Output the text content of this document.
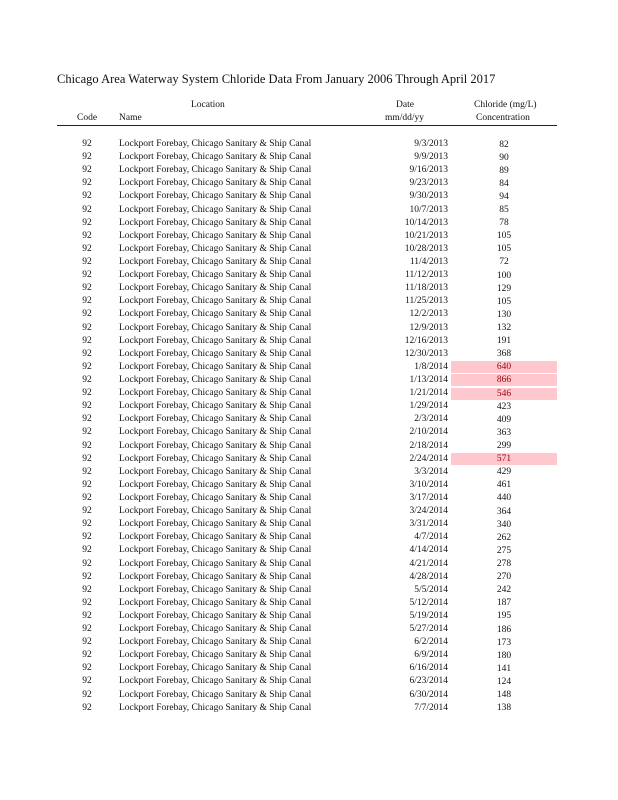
Chicago Area Waterway System Chloride Data From January 2006 Through April 2017
Location	Date	Chloride (mg/L)
Code Name	mm/dd/yy	Concentration
92	Lockport Forebay, Chicago Sanitary & Ship Canal	9/3/2013	82
92	Lockport Forebay, Chicago Sanitary & Ship Canal	9/9/2013	90
92	Lockport Forebay, Chicago Sanitary & Ship Canal	9/16/2013	89
92	Lockport Forebay, Chicago Sanitary & Ship Canal	9/23/2013	84
92	Lockport Forebay, Chicago Sanitary & Ship Canal	9/30/2013	94
92	Lockport Forebay, Chicago Sanitary & Ship Canal	10/7/2013	85
92	Lockport Forebay, Chicago Sanitary & Ship Canal	10/14/2013	78
92	Lockport Forebay, Chicago Sanitary & Ship Canal	10/21/2013	105
92	Lockport Forebay, Chicago Sanitary & Ship Canal	10/28/2013	105
92	Lockport Forebay, Chicago Sanitary & Ship Canal	11/4/2013	72
92	Lockport Forebay, Chicago Sanitary & Ship Canal	11/12/2013	100
92	Lockport Forebay, Chicago Sanitary & Ship Canal	11/18/2013	129
92	Lockport Forebay, Chicago Sanitary & Ship Canal	11/25/2013	105
92	Lockport Forebay, Chicago Sanitary & Ship Canal	12/2/2013	130
92	Lockport Forebay, Chicago Sanitary & Ship Canal	12/9/2013	132
92	Lockport Forebay, Chicago Sanitary & Ship Canal	12/16/2013	191
92	Lockport Forebay, Chicago Sanitary & Ship Canal	12/30/2013	368
92	Lockport Forebay, Chicago Sanitary & Ship Canal	1/8/2014	640
92	Lockport Forebay, Chicago Sanitary & Ship Canal	1/13/2014	866
92	Lockport Forebay, Chicago Sanitary & Ship Canal	1/21/2014	546
92	Lockport Forebay, Chicago Sanitary & Ship Canal	1/29/2014	423
92	Lockport Forebay, Chicago Sanitary & Ship Canal	2/3/2014	409
92	Lockport Forebay, Chicago Sanitary & Ship Canal	2/10/2014	363
92	Lockport Forebay, Chicago Sanitary & Ship Canal	2/18/2014	299
92	Lockport Forebay, Chicago Sanitary & Ship Canal	2/24/2014	571
92	Lockport Forebay, Chicago Sanitary & Ship Canal	3/3/2014	429
92	Lockport Forebay, Chicago Sanitary & Ship Canal	3/10/2014	461
92	Lockport Forebay, Chicago Sanitary & Ship Canal	3/17/2014	440
92	Lockport Forebay, Chicago Sanitary & Ship Canal	3/24/2014	364
92	Lockport Forebay, Chicago Sanitary & Ship Canal	3/31/2014	340
92	Lockport Forebay, Chicago Sanitary & Ship Canal	4/7/2014	262
92	Lockport Forebay, Chicago Sanitary & Ship Canal	4/14/2014	275
92	Lockport Forebay, Chicago Sanitary & Ship Canal	4/21/2014	278
92	Lockport Forebay, Chicago Sanitary & Ship Canal	4/28/2014	270
92	Lockport Forebay, Chicago Sanitary & Ship Canal	5/5/2014	242
92	Lockport Forebay, Chicago Sanitary & Ship Canal	5/12/2014	187
92	Lockport Forebay, Chicago Sanitary & Ship Canal	5/19/2014	195
92	Lockport Forebay, Chicago Sanitary & Ship Canal	5/27/2014	186
92	Lockport Forebay, Chicago Sanitary & Ship Canal	6/2/2014	173
92	Lockport Forebay, Chicago Sanitary & Ship Canal	6/9/2014	180
92	Lockport Forebay, Chicago Sanitary & Ship Canal	6/16/2014	141
92	Lockport Forebay, Chicago Sanitary & Ship Canal	6/23/2014	124
92	Lockport Forebay, Chicago Sanitary & Ship Canal	6/30/2014	148
92	Lockport Forebay, Chicago Sanitary & Ship Canal	7/7/2014	138
